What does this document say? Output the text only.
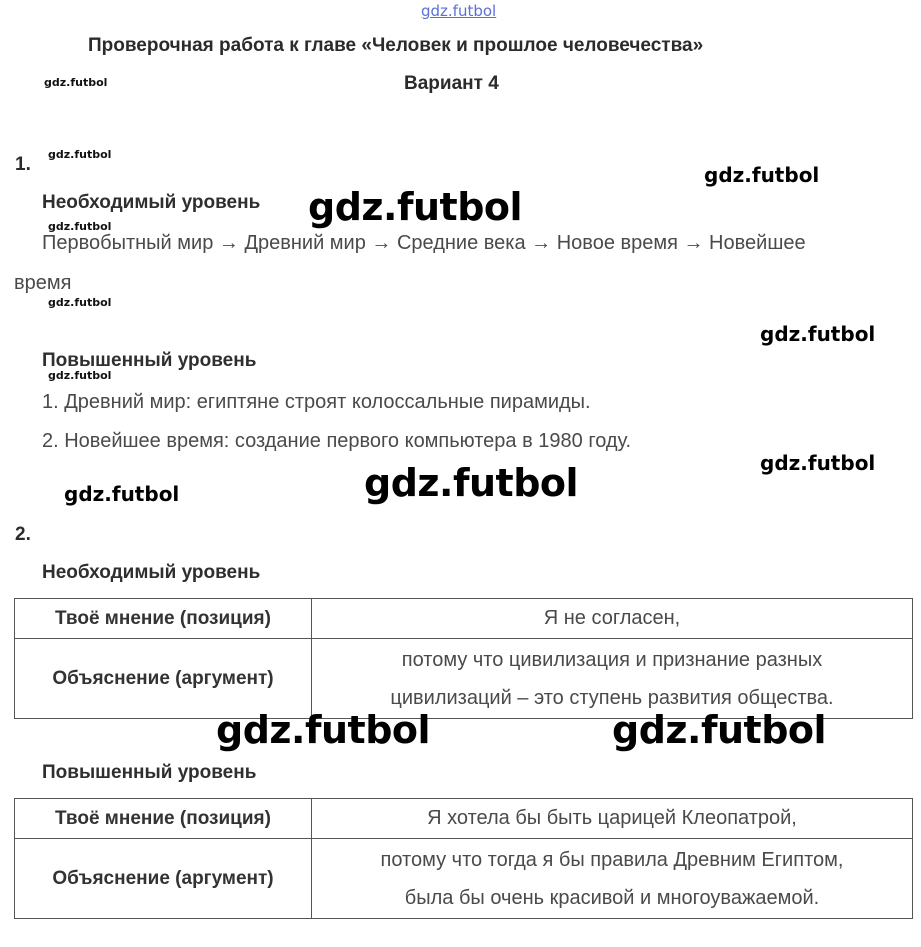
gdz.futbol
Проверочная работа к главе «Человек и прошлое человечества»
gdz.futbol	Вариант 4
1. gdz.futbol
gdz.futbol
Необходимый уровень gdz.futbol
gdz.futbol
Первобытный мир → Древний мир → Средние века → Новое время → Новейшее
время
gdz.futbol
gdz.futbol
Повышенный уровень
gdz.futbol
1. Древний мир: египтяне строят колоссальные пирамиды.
2. Новейшее время: создание первого компьютера в 1980 году.
gdz.futbol
gdz.futbol	gdz.futbol
2.
Необходимый уровень
Твоё мнение (позиция)	Я не согласен,
Объяснение (аргумент)	потому что цивилизация и признание разных
цивилизаций – это ступень развития общества.
gdz.futbol	gdz.futbol
Повышенный уровень
Твоё мнение (позиция)	Я хотела бы быть царицей Клеопатрой,
Объяснение (аргумент)	потому что тогда я бы правила Древним Египтом,
была бы очень красивой и многоуважаемой.
